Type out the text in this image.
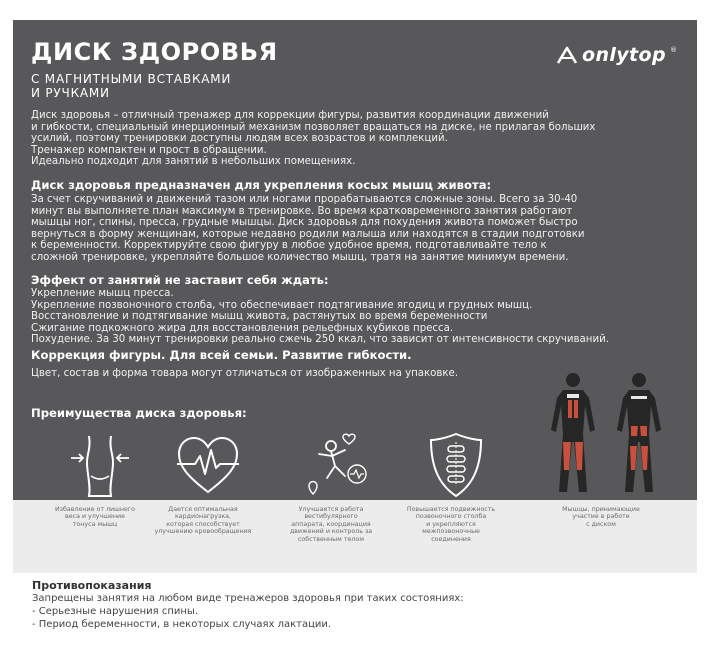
ДИСК ЗДОРОВЬЯ
С МАГНИТНЫМИ ВСТАВКАМИ
И РУЧКАМИ
onlytop ®

Диск здоровья – отличный тренажер для коррекции фигуры, развития координации движений

и гибкости, специальный инерционный механизм позволяет вращаться на диске, не прилагая больших

усилий, поэтому тренировки доступны людям всех возрастов и комплекций.

Тренажер компактен и прост в обращении.

Идеально подходит для занятий в небольших помещениях.

Диск здоровья предназначен для укрепления косых мышц живота:

За счет скручиваний и движений тазом или ногами прорабатываются сложные зоны. Всего за 30-40

минут вы выполняете план максимум в тренировке. Во время кратковременного занятия работают

мышцы ног, спины, пресса, грудные мышцы. Диск здоровья для похудения живота поможет быстро

вернуться в форму женщинам, которые недавно родили малыша или находятся в стадии подготовки

к беременности. Корректируйте свою фигуру в любое удобное время, подготавливайте тело к

сложной тренировке, укрепляйте большое количество мышц, тратя на занятие минимум времени.

Эффект от занятий не заставит себя ждать:

Укрепление мышц пресса.

Укрепление позвоночного столба, что обеспечивает подтягивание ягодиц и грудных мышц.

Восстановление и подтягивание мышц живота, растянутых во время беременности

Сжигание подкожного жира для восстановления рельефных кубиков пресса.

Похудение. За 30 минут тренировки реально сжечь 250 ккал, что зависит от интенсивности скручиваний.

Коррекция фигуры. Для всей семьи. Развитие гибкости.
Цвет, состав и форма товара могут отличаться от изображенных на упаковке.
Преимущества диска здоровья:
Избавление от лишнего
веса и улучшение
тонуса мышц
Дается оптимальная
кардионагрузка,
которая способствует
улучшению кровообращения
Улучшается работа
вестибулярного
аппарата, координация
движений и контроль за
собственным телом
Повышается подвижность
позвоночного столба
и укрепляются
межпозвоночные
соединения
Мышцы, принимающие
участие в работе
с диском
Противопоказания
Запрещены занятия на любом виде тренажеров здоровья при таких состояниях:
- Серьезные нарушения спины.
- Период беременности, в некоторых случаях лактации.
